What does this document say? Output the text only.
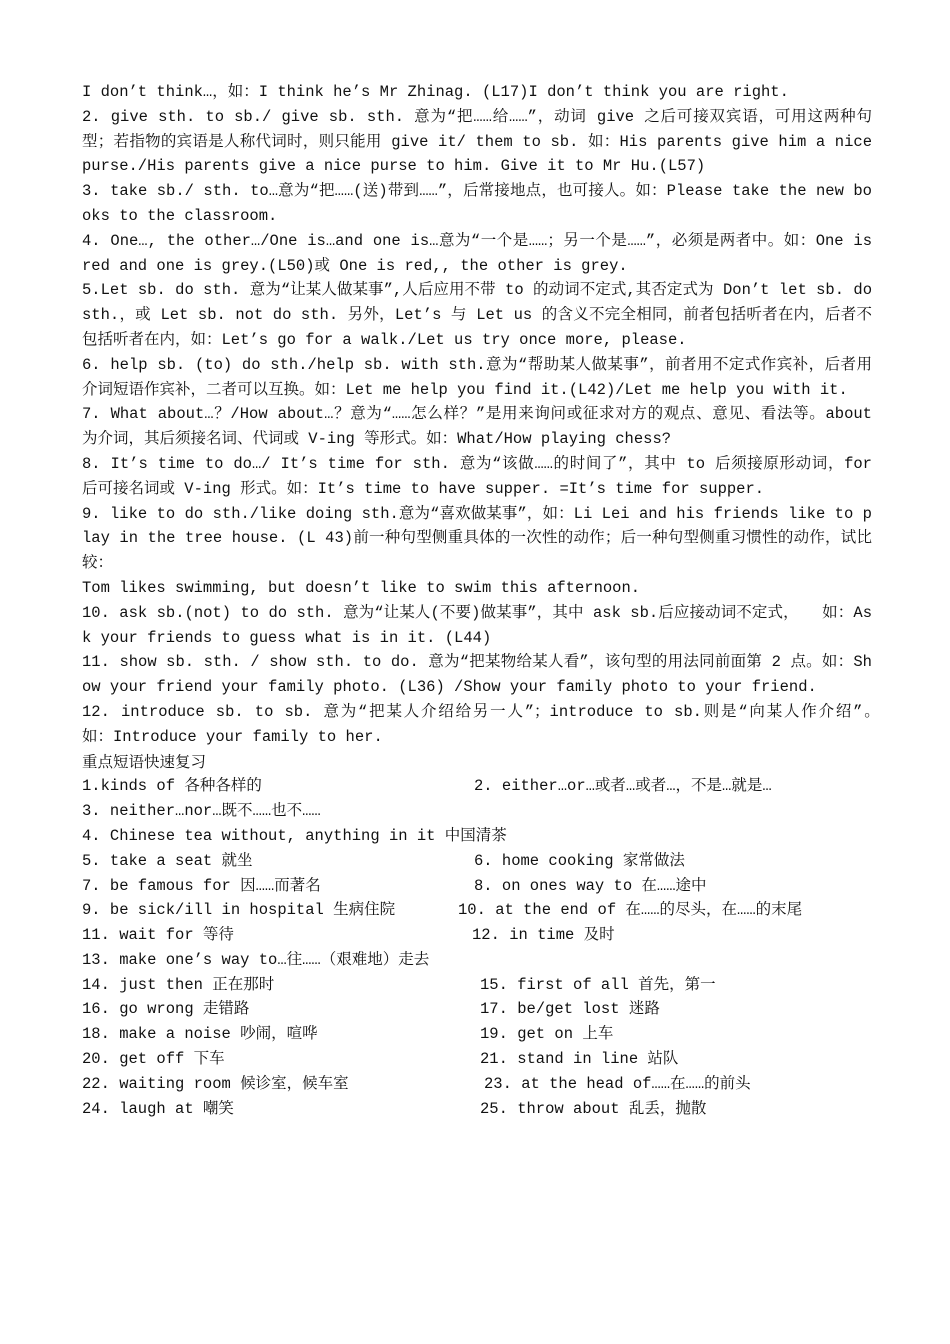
I don’t think…，如：I think he’s Mr Zhinag. (L17)I don’t think you are right.

2. give sth. to sb./ give sb. sth. 意为“把……给……”，动词 give 之后可接双宾语，可用这两种句型；若指物的宾语是人称代词时，则只能用 give it/ them to sb. 如：His parents give him a nice purse./His parents give a nice purse to him. Give it to Mr Hu.(L57)

3. take sb./ sth. to…意为“把……(送)带到……”，后常接地点，也可接人。如：Please take the new books to the classroom.

4. One…, the other…/One is…and one is…意为“一个是……；另一个是……”，必须是两者中。如：One is red and one is grey.(L50)或 One is red,, the other is grey.

5.Let sb. do sth. 意为“让某人做某事”,人后应用不带 to 的动词不定式,其否定式为 Don’t let sb. do sth.，或 Let sb. not do sth. 另外，Let’s 与 Let us 的含义不完全相同，前者包括听者在内，后者不包括听者在内，如：Let’s go for a walk./Let us try once more, please.

6. help sb. (to) do sth./help sb. with sth.意为“帮助某人做某事”，前者用不定式作宾补，后者用介词短语作宾补，二者可以互换。如：Let me help you find it.(L42)/Let me help you with it.

7. What about…？/How about…？意为“……怎么样？”是用来询问或征求对方的观点、意见、看法等。about 为介词，其后须接名词、代词或 V-ing 等形式。如：What/How playing chess?

8. It’s time to do…/ It’s time for sth. 意为“该做……的时间了”，其中 to 后须接原形动词，for 后可接名词或 V-ing 形式。如：It’s time to have supper. =It’s time for supper.

9. like to do sth./like doing sth.意为“喜欢做某事”，如：Li Lei and his friends like to play in the tree house. (L 43)前一种句型侧重具体的一次性的动作；后一种句型侧重习惯性的动作，试比较：

Tom likes swimming, but doesn’t like to swim this afternoon.

10. ask sb.(not) to do sth. 意为“让某人(不要)做某事”，其中 ask sb.后应接动词不定式，　　如：Ask your friends to guess what is in it. (L44)

11. show sb. sth. / show sth. to do. 意为“把某物给某人看”，该句型的用法同前面第 2 点。如：Show your friend your family photo. (L36) /Show your family photo to your friend.

12. introduce sb. to sb. 意为“把某人介绍给另一人”；introduce to sb.则是“向某人作介绍”。　 如：Introduce your family to her.

重点短语快速复习

1.kinds of 各种各样的	2. either…or…或者…或者…，不是…就是…
3. neither…nor…既不……也不……
4. Chinese tea without, anything in it 中国清茶
5. take a seat 就坐	6. home cooking 家常做法
7. be famous for 因……而著名	8. on ones way to 在……途中
9. be sick/ill in hospital 生病住院	10. at the end of 在……的尽头，在……的末尾
11. wait for 等待	12. in time 及时
13. make one’s way to…往……（艰难地）走去
14. just then 正在那时	15. first of all 首先，第一
16. go wrong 走错路	17. be/get lost 迷路
18. make a noise 吵闹，喧哗	19. get on 上车
20. get off 下车	21. stand in line 站队
22. waiting room 候诊室，候车室	23. at the head of……在……的前头
24. laugh at 嘲笑	25. throw about 乱丢，抛散
